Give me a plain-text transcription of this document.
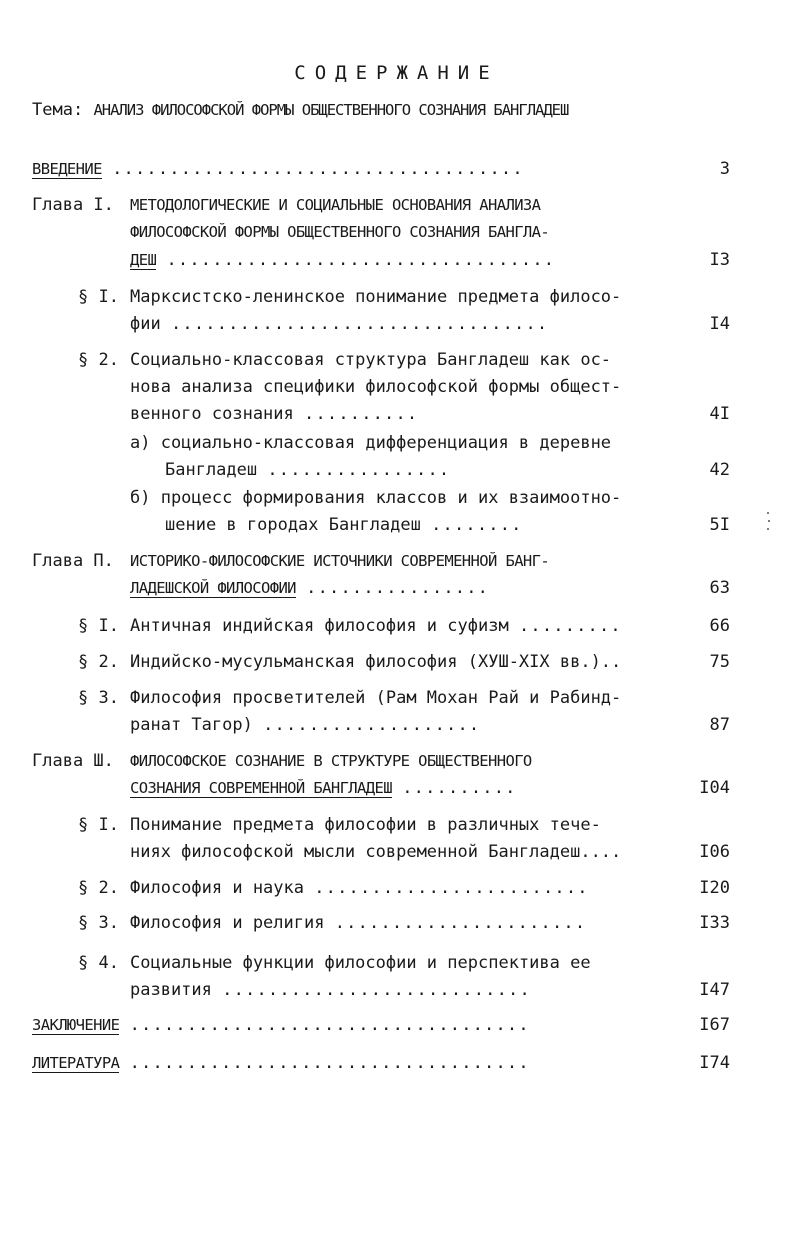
СОДЕРЖАНИЕ
Тема: АНАЛИЗ ФИЛОСОФСКОЙ ФОРМЫ ОБЩЕСТВЕННОГО СОЗНАНИЯ БАНГЛАДЕШ
ВВЕДЕНИЕ ....................................	3
Глава I. МЕТОДОЛОГИЧЕСКИЕ И СОЦИАЛЬНЫЕ ОСНОВАНИЯ АНАЛИЗА
ФИЛОСОФСКОЙ ФОРМЫ ОБЩЕСТВЕННОГО СОЗНАНИЯ БАНГЛА-
ДЕШ ..................................	I3
§ I. Марксистско-ленинское понимание предмета филосо-
фии .................................	I4
§ 2. Социально-классовая структура Бангладеш как ос-
нова анализа специфики философской формы общест-
венного сознания ..........	4I
а) социально-классовая дифференциация в деревне
Бангладеш ................	42
б) процесс формирования классов и их взаимоотно-
шение в городах Бангладеш ........	5I
Глава П. ИСТОРИКО-ФИЛОСОФСКИЕ ИСТОЧНИКИ СОВРЕМЕННОЙ БАНГ-
ЛАДЕШСКОЙ ФИЛОСОФИИ ................	63
§ I. Античная индийская философия и суфизм .........	66
§ 2. Индийско-мусульманская философия (ХУШ-XIX вв.)..	75
§ 3. Философия просветителей (Рам Мохан Рай и Рабинд-
ранат Тагор) ...................	87
Глава Ш. ФИЛОСОФСКОЕ СОЗНАНИЕ В СТРУКТУРЕ ОБЩЕСТВЕННОГО
СОЗНАНИЯ СОВРЕМЕННОЙ БАНГЛАДЕШ ..........	I04
§ I. Понимание предмета философии в различных тече-
ниях философской мысли современной Бангладеш....	I06
§ 2. Философия и наука ........................	I20
§ 3. Философия и религия ......................	I33
§ 4. Социальные функции философии и перспектива ее
развития ...........................	I47
ЗАКЛЮЧЕНИЕ ...................................	I67
ЛИТЕРАТУРА ...................................	I74
